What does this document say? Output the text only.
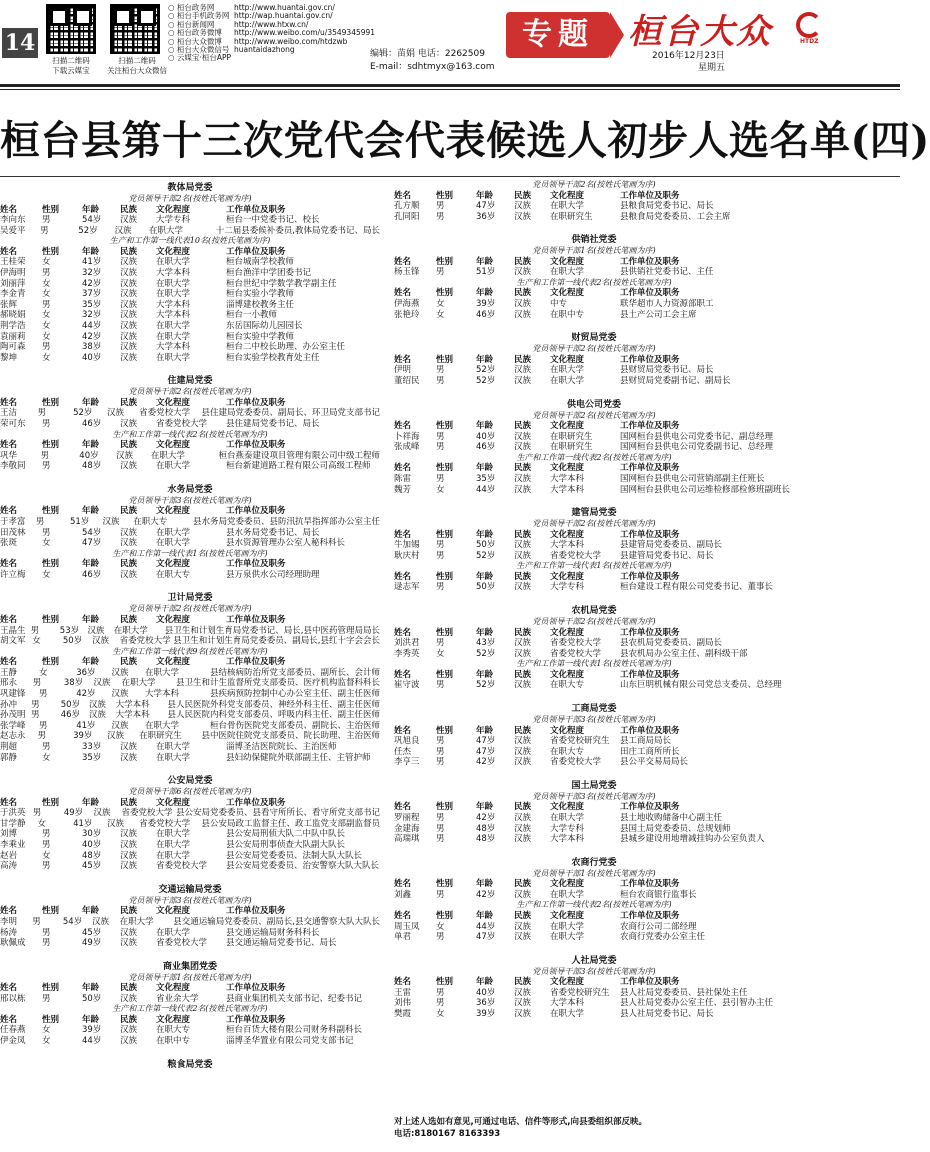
14
扫描二维码
下载云媒宝
扫描二维码
关注桓台大众微信
○ 桓台政务网	http://www.huantai.gov.cn/
○ 桓台手机政务网 http://wap.huantai.gov.cn/
○ 桓台新闻网	http://www.htxw.cn/
○ 桓台政务微博	http://www.weibo.com/u/3549345991
○ 桓台大众微博	http://www.weibo.com/htdzwb
○ 桓台大众微信号 huantaidazhong
○ 云媒宝·桓台APP	编辑：苗娟 电话：2262509
E-mail：sdhtmyx@163.com
专题	桓台大众	HTDZ
2016年12月23日
星期五
桓台县第十三次党代会代表候选人初步人选名单(四)
教体局党委
党员领导干部2名(按姓氏笔画为序)
姓名	性别	年龄	民族	文化程度	工作单位及职务
李向东	男	54岁	汉族	大学专科	桓台一中党委书记、校长
吴爱平	男	52岁	汉族	在职大学	十二届县委候补委员,教体局党委书记、局长
生产和工作第一线代表10名(按姓氏笔画为序)
姓名	性别	年龄	民族	文化程度	工作单位及职务
王桂荣	女	41岁	汉族	在职大学	桓台城南学校教师
伊海明	男	32岁	汉族	大学本科	桓台渔洋中学团委书记
刘丽萍	女	42岁	汉族	在职大学	桓台世纪中学数学教学副主任
李金青	女	37岁	汉族	在职大学	桓台实验小学教师
张辉	男	35岁	汉族	大学本科	淄博建校教务主任
郝晓娟	女	32岁	汉族	大学本科	桓台一小教师
荆学浩	女	44岁	汉族	在职大学	东岳国际幼儿园园长
袁丽莉	女	42岁	汉族	在职大学	桓台实验中学教师
陶可森	男	38岁	汉族	大学本科	桓台二中校长助理、办公室主任
黎坤	女	40岁	汉族	在职大学	桓台实验学校教育处主任
住建局党委
党员领导干部2名(按姓氏笔画为序)
姓名	性别	年龄	民族	文化程度	工作单位及职务
王洁	男	52岁	汉族	省委党校大学	县住建局党委委员、副局长、环卫局党支部书记
荣可东	男	46岁	汉族	省委党校大学	县住建局党委书记、局长
生产和工作第一线代表2名(按姓氏笔画为序)
姓名	性别	年龄	民族	文化程度	工作单位及职务
巩华	男	40岁	汉族	在职大学	桓台燕泰建设项目管理有限公司中级工程师
李敬同	男	48岁	汉族	在职大学	桓台新建道路工程有限公司高级工程师
水务局党委
党员领导干部3名(按姓氏笔画为序)
姓名	性别	年龄	民族	文化程度	工作单位及职务
于孝富	男	51岁	汉族	在职大专	县水务局党委委员、县防汛抗旱指挥部办公室主任
田茂林	男	54岁	汉族	在职大学	县水务局党委书记、局长
张斑	女	47岁	汉族	在职大学	县水资源管理办公室人秘科科长
生产和工作第一线代表1名(按姓氏笔画为序)
姓名	性别	年龄	民族	文化程度	工作单位及职务
许立梅	女	46岁	汉族	在职大专	县万泉供水公司经理助理
卫计局党委
党员领导干部2名(按姓氏笔画为序)
姓名	性别	年龄	民族	文化程度	工作单位及职务
王晶生 男	53岁 汉族	在职大学	县卫生和计划生育局党委书记、局长,县中医药管理局局长
胡文军 女	50岁	汉族	省委党校大学 县卫生和计划生育局党委委员、副局长,县红十字会会长
生产和工作第一线代表9名(按姓氏笔画为序)
姓名	性别	年龄	民族	文化程度	工作单位及职务
王静	女	36岁	汉族	在职大学	县结核病防治所党支部委员、副所长、会计师
邢永	男	38岁	汉族	在职大学	县卫生和计生监督所党支部委员、医疗机构监督科科长
巩建锋	男	42岁	汉族	大学本科	县疾病预防控制中心办公室主任、副主任医师
孙冲	男	50岁	汉族	大学本科	县人民医院外科党支部委员、神经外科主任、副主任医师
孙茂明 男	46岁	汉族	大学本科	县人民医院内科党支部委员、呼吸内科主任、副主任医师
张学峰	男	41岁	汉族	在职大学	桓台骨伤医院党支部委员、副院长、主治医师
赵志永	男	39岁	汉族	在职研究生	县中医院住院党支部委员、院长助理、主治医师
荆超	男	33岁	汉族	在职大学	淄博圣洁医院院长、主治医师
郭静	女	35岁	汉族	在职大学	县妇幼保健院外联部副主任、主管护师
公安局党委
党员领导干部6名(按姓氏笔画为序)
姓名	性别	年龄	民族	文化程度	工作单位及职务
于洪英 男	49岁	汉族	省委党校大学 县公安局党委委员、县看守所所长、看守所党支部书记
甘学静	女	41岁	汉族	省委党校大学	县公安局政工监督主任、政工监党支部副监督员
刘博	男	30岁	汉族	在职大学	县公安局刑侦大队二中队中队长
李乘业	男	40岁	汉族	在职大学	县公安局刑事侦查大队副大队长
赵岩	女	48岁	汉族	在职大学	县公安局党委委员、法制大队大队长
高涛	男	45岁	汉族	省委党校大学	县公安局党委委员、治安警察大队大队长
交通运输局党委
党员领导干部3名(按姓氏笔画为序)
姓名	性别	年龄	民族	文化程度	工作单位及职务
李明	男	54岁	汉族	在职大学	县交通运输局党委委员、副局长,县交通警察大队大队长
杨涛	男	45岁	汉族	在职大学	县交通运输局财务科科长
耿佩成	男	49岁	汉族	省委党校大学	县交通运输局党委书记、局长
商业集团党委
党员领导干部1名(按姓氏笔画为序)
姓名	性别	年龄	民族	文化程度	工作单位及职务
邢以栋	男	50岁	汉族	省业余大学	县商业集团机关支部书记、纪委书记
生产和工作第一线代表2名(按姓氏笔画为序)
姓名	性别	年龄	民族	文化程度	工作单位及职务
任春燕	女	39岁	汉族	在职大专	桓台百货大楼有限公司财务科副科长
伊金凤	女	44岁	汉族	在职中专	淄博圣华置业有限公司党支部书记
粮食局党委
党员领导干部2名(按姓氏笔画为序)
姓名	性别	年龄	民族	文化程度	工作单位及职务
孔方顺	男	47岁	汉族	在职大学	县粮食局党委书记、局长
孔同阳	男	36岁	汉族	在职研究生	县粮食局党委委员、工会主席
供销社党委
党员领导干部1名(按姓氏笔画为序)
姓名	性别	年龄	民族	文化程度	工作单位及职务
杨玉锋	男	51岁	汉族	在职大学	县供销社党委书记、主任
生产和工作第一线代表2名(按姓氏笔画为序)
姓名	性别	年龄	民族	文化程度	工作单位及职务
伊海燕	女	39岁	汉族	中专	联华超市人力资源部职工
张艳玲	女	46岁	汉族	在职中专	县土产公司工会主席
财贸局党委
党员领导干部2名(按姓氏笔画为序)
姓名	性别	年龄	民族	文化程度	工作单位及职务
伊明	男	52岁	汉族	在职大学	县财贸局党委书记、局长
董绍民	男	52岁	汉族	在职大学	县财贸局党委副书记、副局长
供电公司党委
党员领导干部2名(按姓氏笔画为序)
姓名	性别	年龄	民族	文化程度	工作单位及职务
卜祥海	男	40岁	汉族	在职研究生	国网桓台县供电公司党委书记、副总经理
张成峰	男	46岁	汉族	在职研究生	国网桓台县供电公司党委副书记、总经理
生产和工作第一线代表2名(按姓氏笔画为序)
姓名	性别	年龄	民族	文化程度	工作单位及职务
陈雷	男	35岁	汉族	大学本科	国网桓台县供电公司营销部副主任班长
魏芳	女	44岁	汉族	大学本科	国网桓台县供电公司运维检修部检修班副班长
建管局党委
党员领导干部2名(按姓氏笔画为序)
姓名	性别	年龄	民族	文化程度	工作单位及职务
牛加锡	男	50岁	汉族	大学本科	县建管局党委委员、副局长
耿庆村	男	52岁	汉族	省委党校大学	县建管局党委书记、局长
生产和工作第一线代表1名(按姓氏笔画为序)
姓名	性别	年龄	民族	文化程度	工作单位及职务
逯志军	男	50岁	汉族	大学专科	桓台建设工程有限公司党委书记、董事长
农机局党委
党员领导干部2名(按姓氏笔画为序)
姓名	性别	年龄	民族	文化程度	工作单位及职务
刘洪君	男	43岁	汉族	省委党校大学	县农机局党委委员、副局长
李秀英	女	52岁	汉族	省委党校大学	县农机局办公室主任、副科级干部
生产和工作第一线代表1名(按姓氏笔画为序)
姓名	性别	年龄	民族	文化程度	工作单位及职务
崔守波	男	52岁	汉族	在职大专	山东巨明机械有限公司党总支委员、总经理
工商局党委
党员领导干部3名(按姓氏笔画为序)
姓名	性别	年龄	民族	文化程度	工作单位及职务
巩旭良	男	47岁	汉族	省委党校研究生	县工商局局长
任杰	男	47岁	汉族	在职大专	田庄工商所所长
李亨三	男	42岁	汉族	省委党校大学	县公平交易局局长
国土局党委
党员领导干部3名(按姓氏笔画为序)
姓名	性别	年龄	民族	文化程度	工作单位及职务
罗丽程	男	42岁	汉族	在职大学	县土地收购储备中心副主任
金建海	男	48岁	汉族	大学专科	县国土局党委委员、总规划师
高瑞琪	男	48岁	汉族	大学本科	县城乡建设用地增减挂钩办公室负责人
农商行党委
党员领导干部1名(按姓氏笔画为序)
姓名	性别	年龄	民族	文化程度	工作单位及职务
刘鑫	男	42岁	汉族	在职大学	桓台农商银行监事长
生产和工作第一线代表2名(按姓氏笔画为序)
姓名	性别	年龄	民族	文化程度	工作单位及职务
周玉凤	女	44岁	汉族	在职大学	农商行公司二部经理
单君	男	47岁	汉族	在职大学	农商行党委办公室主任
人社局党委
党员领导干部3名(按姓氏笔画为序)
姓名	性别	年龄	民族	文化程度	工作单位及职务
王雷	男	40岁	汉族	省委党校研究生	县人社局党委委员、县社保处主任
刘伟	男	36岁	汉族	大学本科	县人社局党委办公室主任、县引智办主任
樊霞	女	39岁	汉族	在职大学	县人社局党委书记、局长
对上述人选如有意见,可通过电话、信件等形式,向县委组织部反映。
电话:8180167 8163393
